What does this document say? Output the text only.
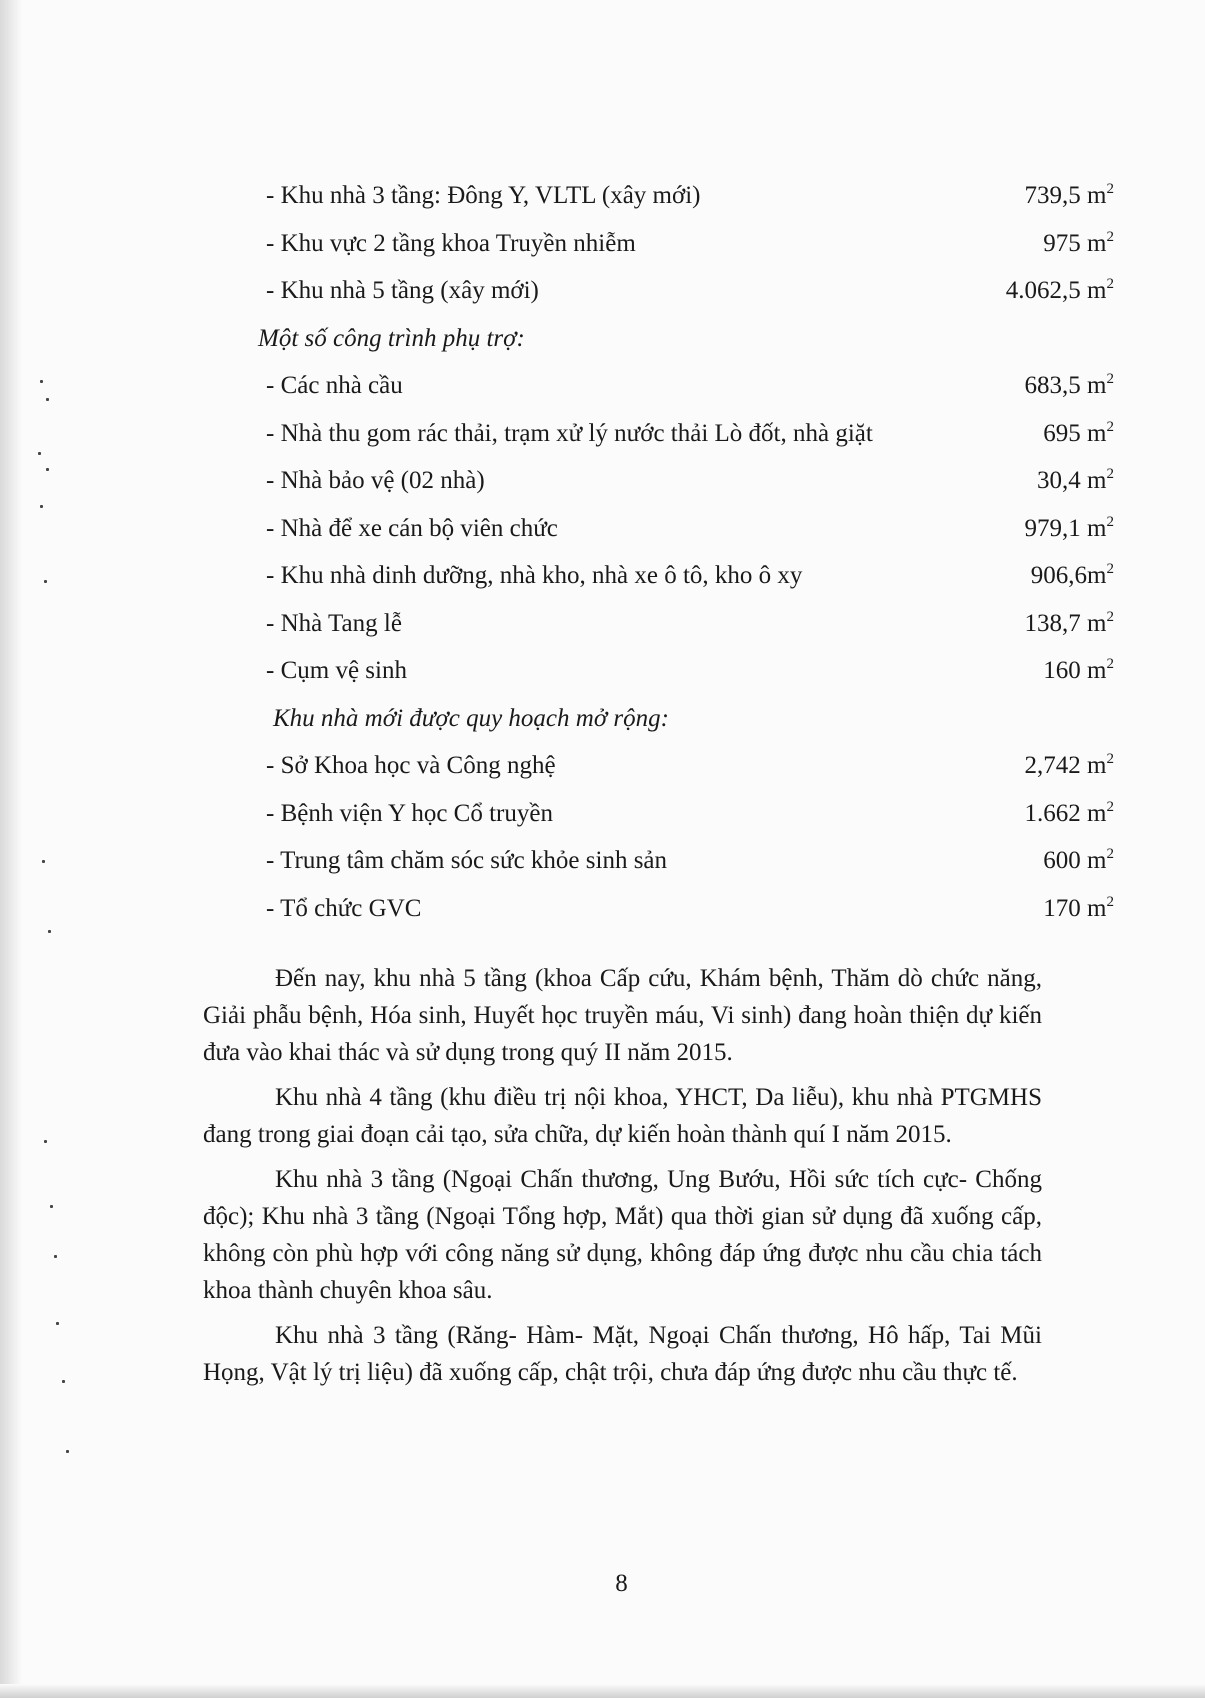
- Khu nhà 3 tầng: Đông Y, VLTL (xây mới)	739,5 $m^2$
- Khu vực 2 tầng khoa Truyền nhiễm	975 $m^2$
- Khu nhà 5 tầng (xây mới)	4.062,5 $m^2$
Một số công trình phụ trợ:
- Các nhà cầu	683,5 $m^2$
- Nhà thu gom rác thải, trạm xử lý nước thải Lò đốt, nhà giặt	695 $m^2$
- Nhà bảo vệ (02 nhà)	30,4 $m^2$
- Nhà để xe cán bộ viên chức	979,1 $m^2$
- Khu nhà dinh dưỡng, nhà kho, nhà xe ô tô, kho ô xy	$906,6m^2$
- Nhà Tang lễ	138,7 $m^2$
- Cụm vệ sinh	160 $m^2$
Khu nhà mới được quy hoạch mở rộng:
- Sở Khoa học và Công nghệ	2,742 $m^2$
- Bệnh viện Y học Cổ truyền	1.662 $m^2$
- Trung tâm chăm sóc sức khỏe sinh sản	600 $m^2$
- Tổ chức GVC	170 $m^2$

Đến nay, khu nhà 5 tầng (khoa Cấp cứu, Khám bệnh, Thăm dò chức năng, Giải phẫu bệnh, Hóa sinh, Huyết học truyền máu, Vi sinh) đang hoàn thiện dự kiến đưa vào khai thác và sử dụng trong quý II năm 2015.

Khu nhà 4 tầng (khu điều trị nội khoa, YHCT, Da liễu), khu nhà PTGMHS đang trong giai đoạn cải tạo, sửa chữa, dự kiến hoàn thành quí I năm 2015.

Khu nhà 3 tầng (Ngoại Chấn thương, Ung Bướu, Hồi sức tích cực- Chống độc); Khu nhà 3 tầng (Ngoại Tổng hợp, Mắt) qua thời gian sử dụng đã xuống cấp, không còn phù hợp với công năng sử dụng, không đáp ứng được nhu cầu chia tách khoa thành chuyên khoa sâu.

Khu nhà 3 tầng (Răng- Hàm- Mặt, Ngoại Chấn thương, Hô hấp, Tai Mũi Họng, Vật lý trị liệu) đã xuống cấp, chật trội, chưa đáp ứng được nhu cầu thực tế.

8
